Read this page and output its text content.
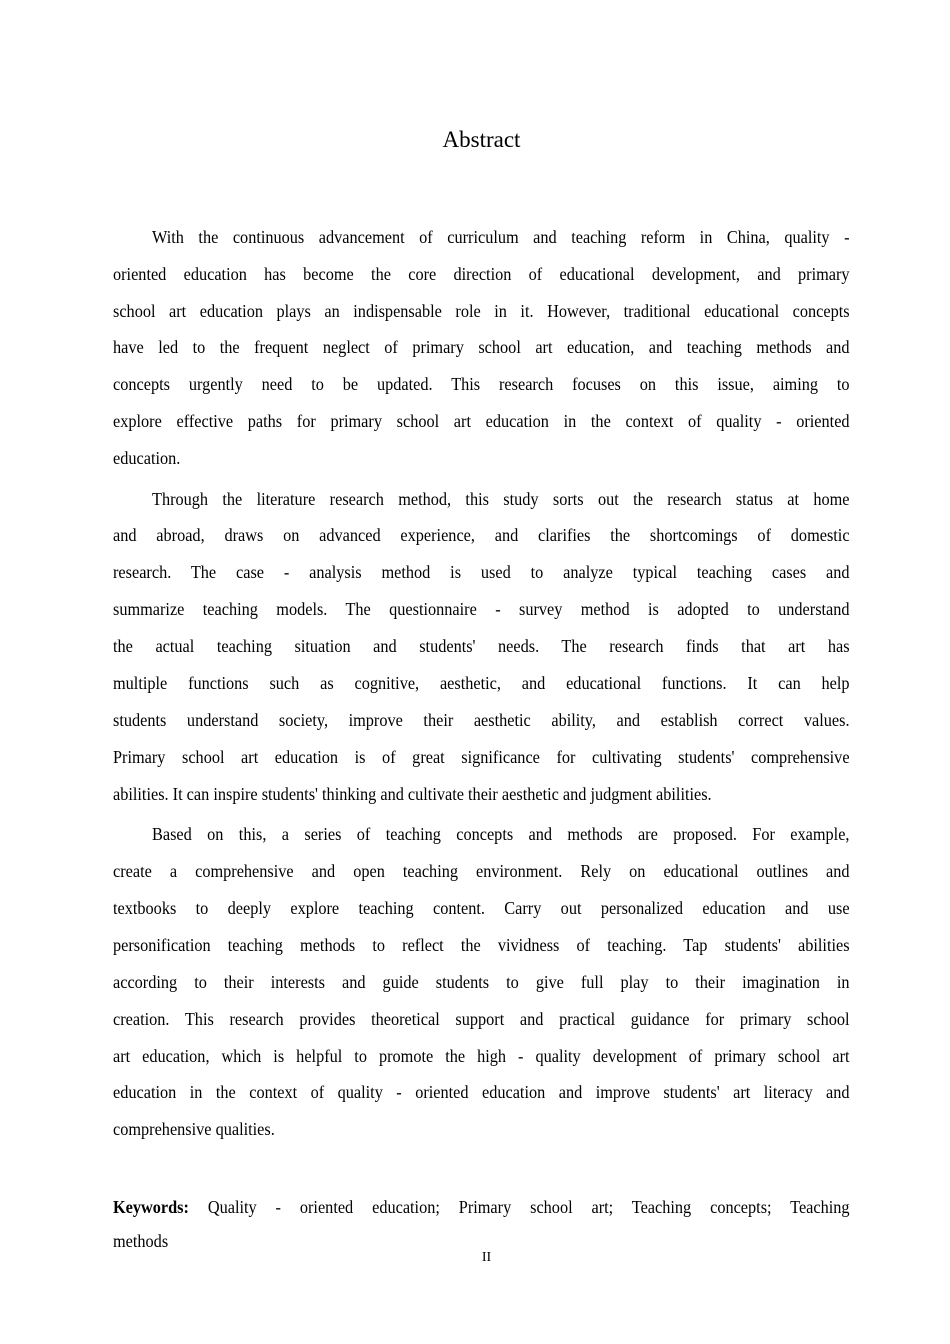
Abstract
With the continuous advancement of curriculum and teaching reform in China, quality -
oriented education has become the core direction of educational development, and primary
school art education plays an indispensable role in it. However, traditional educational concepts
have led to the frequent neglect of primary school art education, and teaching methods and
concepts urgently need to be updated. This research focuses on this issue, aiming to
explore effective paths for primary school art education in the context of quality - oriented
education.
Through the literature research method, this study sorts out the research status at home
and abroad, draws on advanced experience, and clarifies the shortcomings of domestic
research. The case - analysis method is used to analyze typical teaching cases and
summarize teaching models. The questionnaire - survey method is adopted to understand
the actual teaching situation and students' needs. The research finds that art has
multiple functions such as cognitive, aesthetic, and educational functions. It can help
students understand society, improve their aesthetic ability, and establish correct values.
Primary school art education is of great significance for cultivating students' comprehensive
abilities. It can inspire students' thinking and cultivate their aesthetic and judgment abilities.
Based on this, a series of teaching concepts and methods are proposed. For example,
create a comprehensive and open teaching environment. Rely on educational outlines and
textbooks to deeply explore teaching content. Carry out personalized education and use
personification teaching methods to reflect the vividness of teaching. Tap students' abilities
according to their interests and guide students to give full play to their imagination in
creation. This research provides theoretical support and practical guidance for primary school
art education, which is helpful to promote the high - quality development of primary school art
education in the context of quality - oriented education and improve students' art literacy and
comprehensive qualities.
Keywords: Quality - oriented education; Primary school art; Teaching concepts; Teaching
methods
II
